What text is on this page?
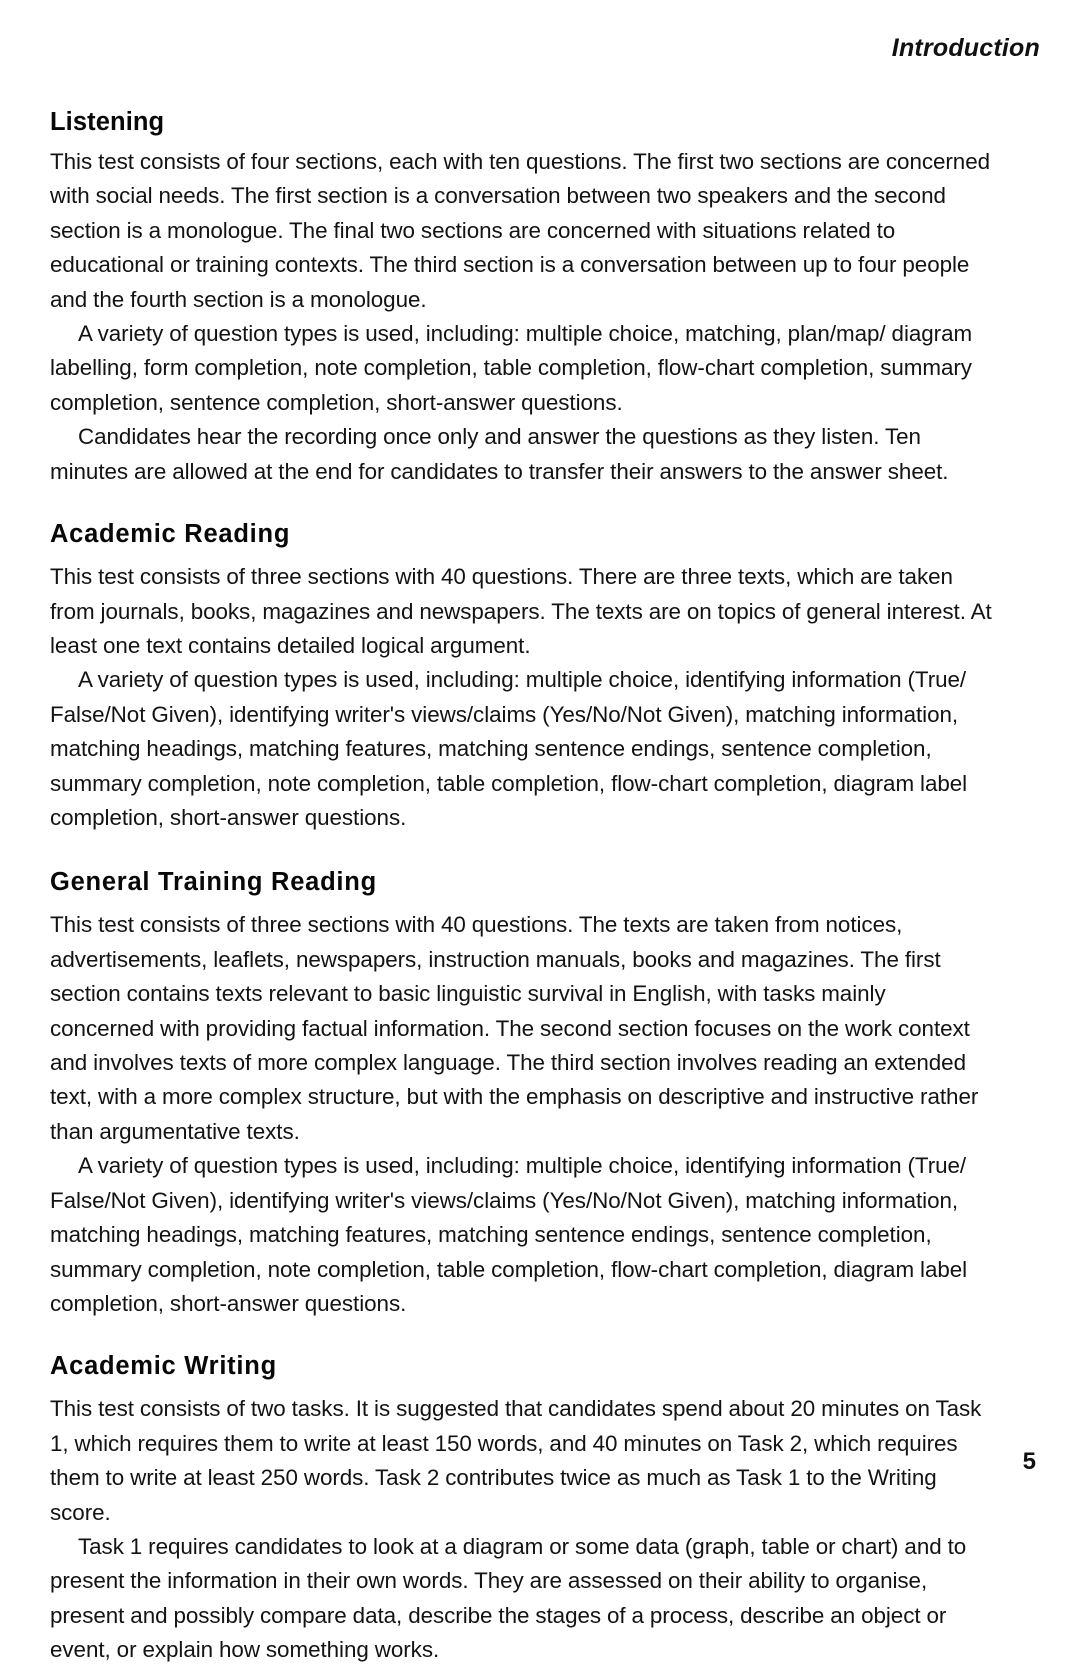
Introduction
Listening

This test consists of four sections, each with ten questions. The first two sections are concerned with social needs. The first section is a conversation between two speakers and the second section is a monologue. The final two sections are concerned with situations related to educational or training contexts. The third section is a conversation between up to four people and the fourth section is a monologue.

A variety of question types is used, including: multiple choice, matching, plan/map/ diagram labelling, form completion, note completion, table completion, flow-chart completion, summary completion, sentence completion, short-answer questions.

Candidates hear the recording once only and answer the questions as they listen. Ten minutes are allowed at the end for candidates to transfer their answers to the answer sheet.

Academic Reading

This test consists of three sections with 40 questions. There are three texts, which are taken from journals, books, magazines and newspapers. The texts are on topics of general interest. At least one text contains detailed logical argument.

A variety of question types is used, including: multiple choice, identifying information (True/ False/Not Given), identifying writer's views/claims (Yes/No/Not Given), matching information, matching headings, matching features, matching sentence endings, sentence completion, summary completion, note completion, table completion, flow-chart completion, diagram label completion, short-answer questions.

General Training Reading

This test consists of three sections with 40 questions. The texts are taken from notices, advertisements, leaflets, newspapers, instruction manuals, books and magazines. The first section contains texts relevant to basic linguistic survival in English, with tasks mainly concerned with providing factual information. The second section focuses on the work context and involves texts of more complex language. The third section involves reading an extended text, with a more complex structure, but with the emphasis on descriptive and instructive rather than argumentative texts.

A variety of question types is used, including: multiple choice, identifying information (True/ False/Not Given), identifying writer's views/claims (Yes/No/Not Given), matching information, matching headings, matching features, matching sentence endings, sentence completion, summary completion, note completion, table completion, flow-chart completion, diagram label completion, short-answer questions.

Academic Writing

This test consists of two tasks. It is suggested that candidates spend about 20 minutes on Task 1, which requires them to write at least 150 words, and 40 minutes on Task 2, which requires them to write at least 250 words. Task 2 contributes twice as much as Task 1 to the Writing score.

Task 1 requires candidates to look at a diagram or some data (graph, table or chart) and to present the information in their own words. They are assessed on their ability to organise, present and possibly compare data, describe the stages of a process, describe an object or event, or explain how something works.

5
